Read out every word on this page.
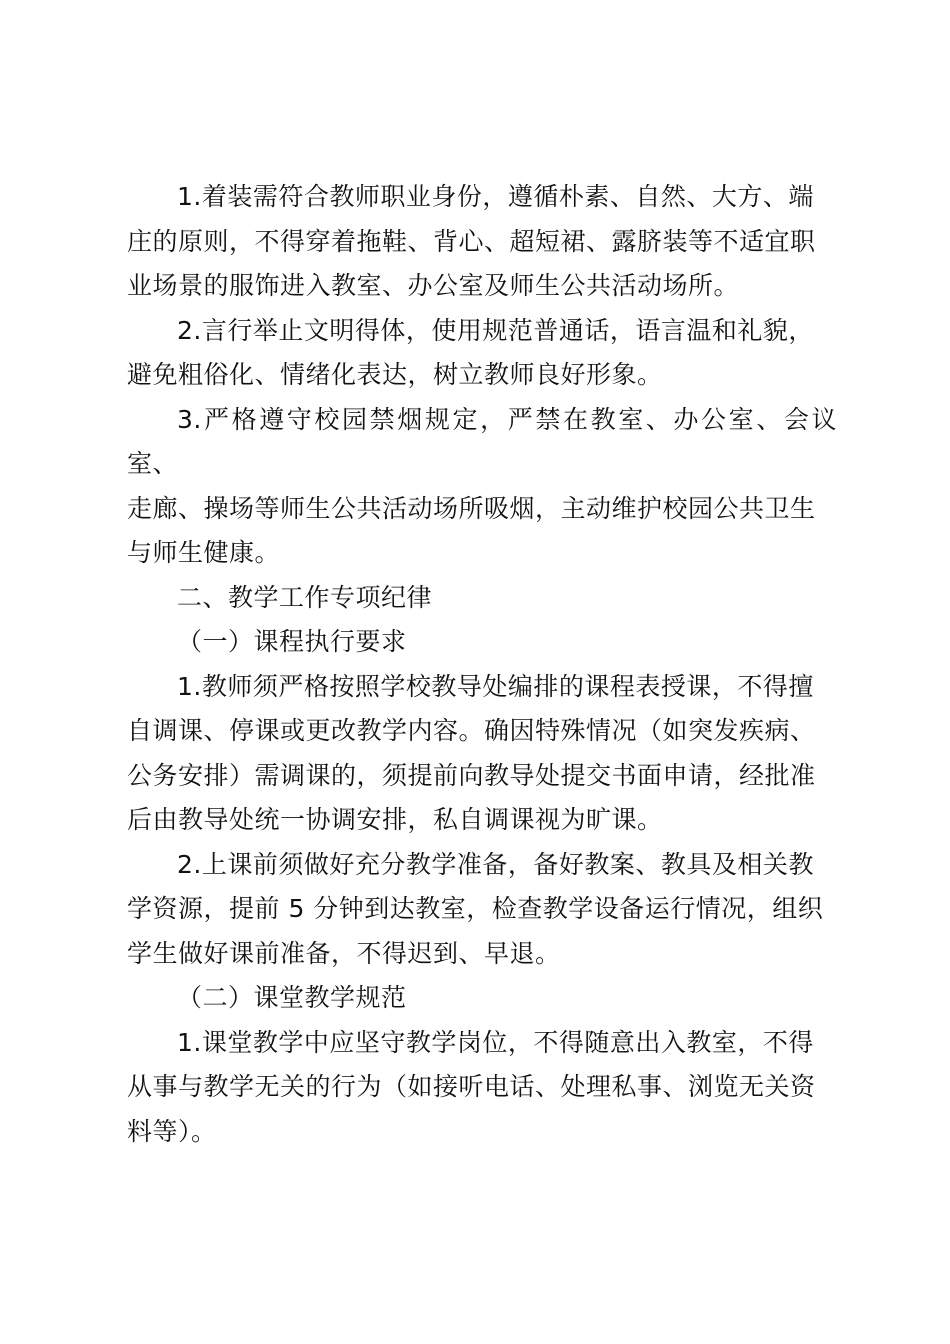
1.着装需符合教师职业身份，遵循朴素、自然、大方、端
庄的原则，不得穿着拖鞋、背心、超短裙、露脐装等不适宜职
业场景的服饰进入教室、办公室及师生公共活动场所。

2.言行举止文明得体，使用规范普通话，语言温和礼貌，
避免粗俗化、情绪化表达，树立教师良好形象。

3.严格遵守校园禁烟规定，严禁在教室、办公室、会议室、
走廊、操场等师生公共活动场所吸烟，主动维护校园公共卫生
与师生健康。

二、教学工作专项纪律

（一）课程执行要求

1.教师须严格按照学校教导处编排的课程表授课，不得擅
自调课、停课或更改教学内容。确因特殊情况（如突发疾病、
公务安排）需调课的，须提前向教导处提交书面申请，经批准
后由教导处统一协调安排，私自调课视为旷课。

2.上课前须做好充分教学准备，备好教案、教具及相关教
学资源，提前 5 分钟到达教室，检查教学设备运行情况，组织
学生做好课前准备，不得迟到、早退。

（二）课堂教学规范

1.课堂教学中应坚守教学岗位，不得随意出入教室，不得
从事与教学无关的行为（如接听电话、处理私事、浏览无关资
料等）。
